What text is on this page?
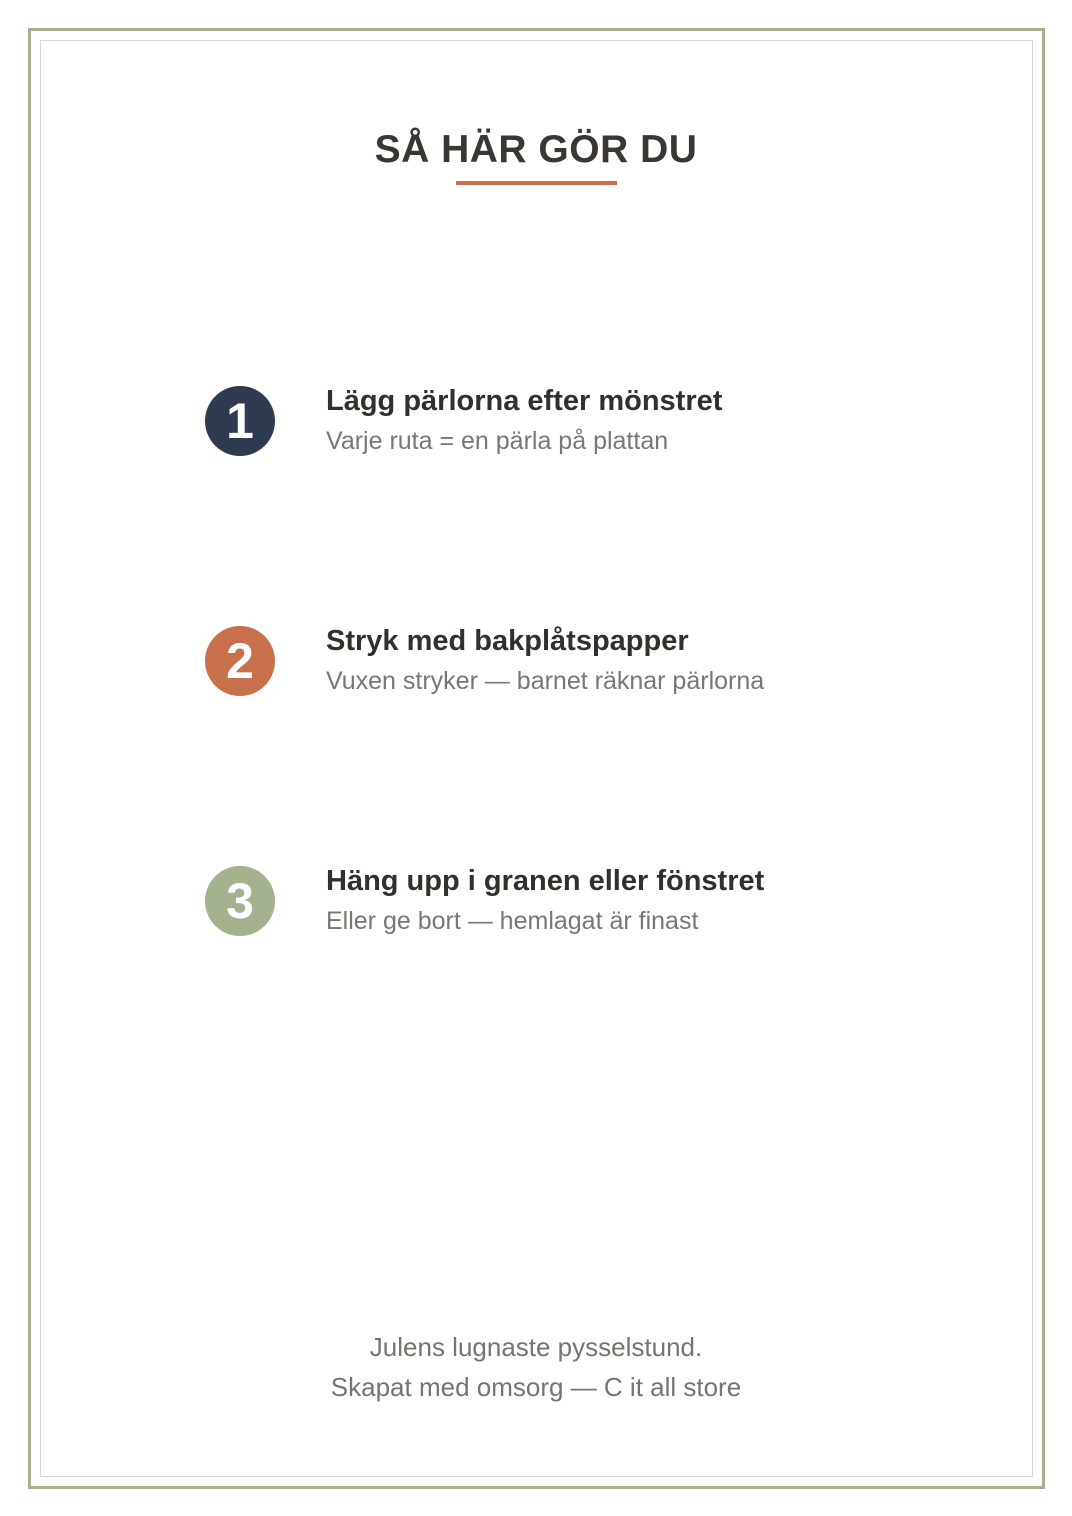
SÅ HÄR GÖR DU
1	Lägg pärlorna efter mönstret
Varje ruta = en pärla på plattan
2	Stryk med bakplåtspapper
Vuxen stryker — barnet räknar pärlorna
3	Häng upp i granen eller fönstret
Eller ge bort — hemlagat är finast
Julens lugnaste pysselstund.
Skapat med omsorg — C it all store
